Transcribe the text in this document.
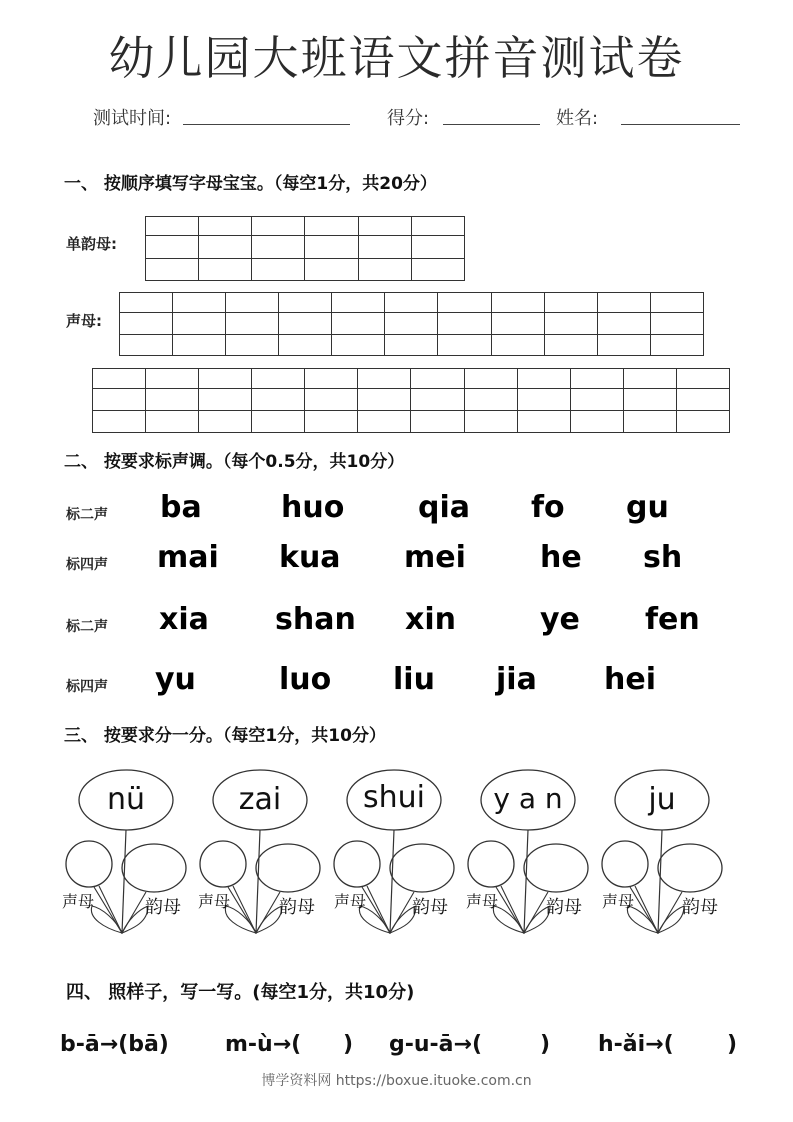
幼儿园大班语文拼音测试卷
测试时间:	得分:	姓名:
一、 按顺序填写字母宝宝。（每空1分，共20分）
单韵母:

声母:

二、 按要求标声调。（每个0.5分，共10分）
标二声 ba	huo qia fo gu
标四声 mai kua mei he sh
标二声 xia shan xin	ye fen
标四声 yu	luo liu jia hei
三、 按要求分一分。（每空1分，共10分）
nü
声母	韵母
zai
声母	韵母
shui
声母	韵母
y a n
声母	韵母
ju
声母	韵母
四、 照样子，写一写。(每空1分，共10分)
b-ā→(bā)	m-ù→( ) g-u-ā→(	) h-ǎi→( )
博学资料网 https://boxue.ituoke.com.cn
